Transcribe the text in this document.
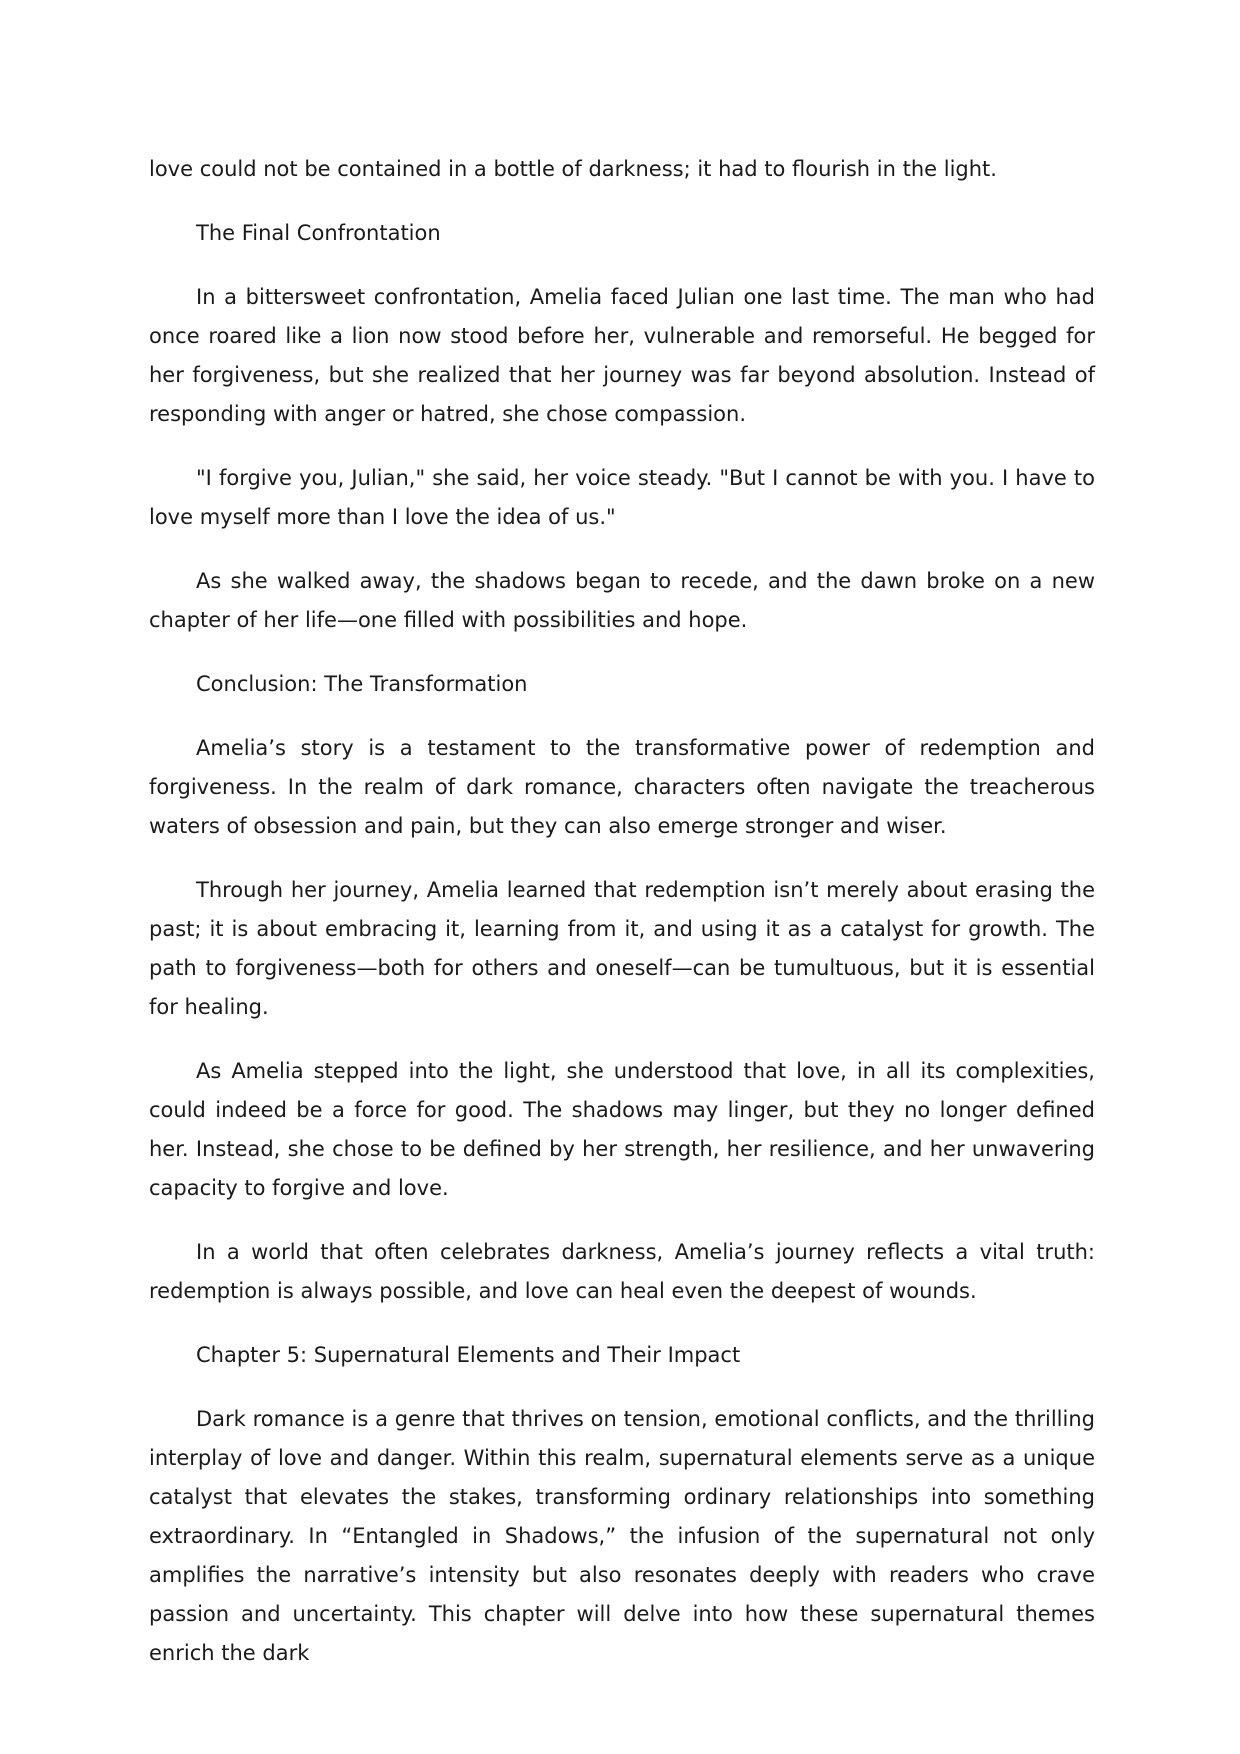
love could not be contained in a bottle of darkness; it had to flourish in the light.

The Final Confrontation

In a bittersweet confrontation, Amelia faced Julian one last time. The man who had once roared like a lion now stood before her, vulnerable and remorseful. He begged for her forgiveness, but she realized that her journey was far beyond absolution. Instead of responding with anger or hatred, she chose compassion.

"I forgive you, Julian," she said, her voice steady. "But I cannot be with you. I have to love myself more than I love the idea of us."

As she walked away, the shadows began to recede, and the dawn broke on a new chapter of her life—one filled with possibilities and hope.

Conclusion: The Transformation

Amelia’s story is a testament to the transformative power of redemption and forgiveness. In the realm of dark romance, characters often navigate the treacherous waters of obsession and pain, but they can also emerge stronger and wiser.

Through her journey, Amelia learned that redemption isn’t merely about erasing the past; it is about embracing it, learning from it, and using it as a catalyst for growth. The path to forgiveness—both for others and oneself—can be tumultuous, but it is essential for healing.

As Amelia stepped into the light, she understood that love, in all its complexities, could indeed be a force for good. The shadows may linger, but they no longer defined her. Instead, she chose to be defined by her strength, her resilience, and her unwavering capacity to forgive and love.

In a world that often celebrates darkness, Amelia’s journey reflects a vital truth: redemption is always possible, and love can heal even the deepest of wounds.

Chapter 5: Supernatural Elements and Their Impact

Dark romance is a genre that thrives on tension, emotional conflicts, and the thrilling interplay of love and danger. Within this realm, supernatural elements serve as a unique catalyst that elevates the stakes, transforming ordinary relationships into something extraordinary. In “Entangled in Shadows,” the infusion of the supernatural not only amplifies the narrative’s intensity but also resonates deeply with readers who crave passion and uncertainty. This chapter will delve into how these supernatural themes enrich the dark
